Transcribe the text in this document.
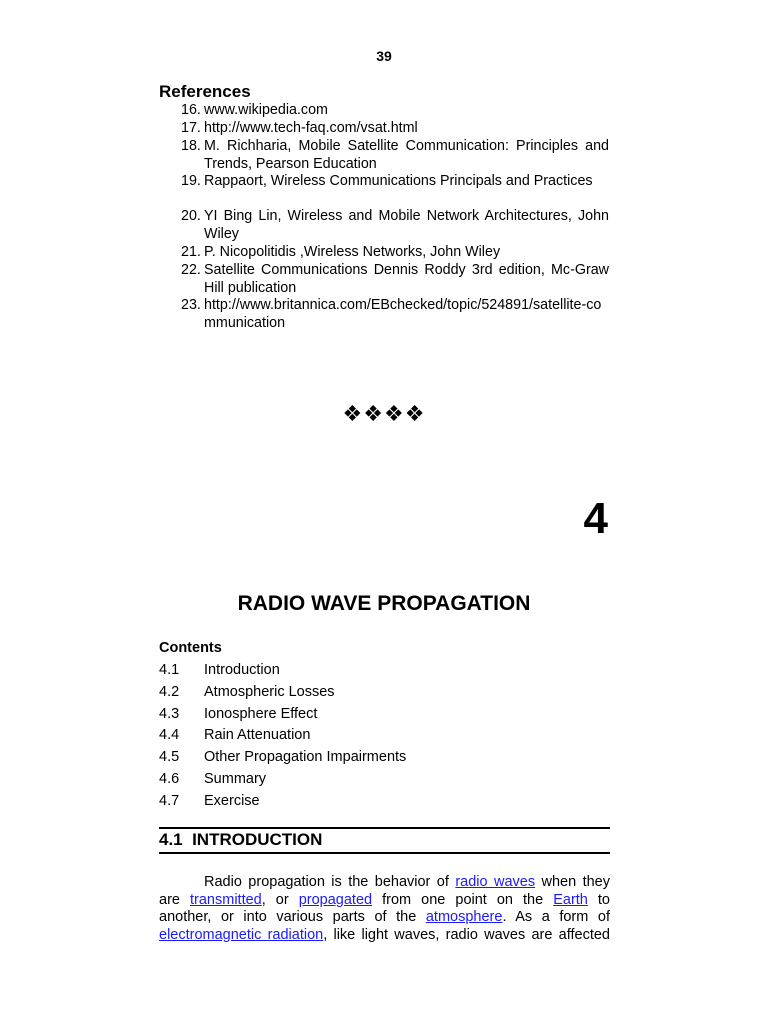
39
References
16. www.wikipedia.com
17. http://www.tech-faq.com/vsat.html
18. M. Richharia, Mobile Satellite Communication: Principles and Trends, Pearson Education
19. Rappaort, Wireless Communications Principals and Practices
20. YI Bing Lin, Wireless and Mobile Network Architectures, John Wiley
21. P. Nicopolitidis ,Wireless Networks, John Wiley
22. Satellite Communications Dennis Roddy 3rd edition, Mc-Graw Hill publication
23. http://www.britannica.com/EBchecked/topic/524891/satellite-communication
❖❖❖❖
4
RADIO WAVE PROPAGATION
Contents
4.1 Introduction
4.2 Atmospheric Losses
4.3 Ionosphere Effect
4.4 Rain Attenuation
4.5 Other Propagation Impairments
4.6 Summary
4.7 Exercise
4.1  INTRODUCTION
Radio propagation is the behavior of radio waves when they
are transmitted, or propagated from one point on the Earth to
another, or into various parts of the atmosphere. As a form of
electromagnetic radiation, like light waves, radio waves are affected
